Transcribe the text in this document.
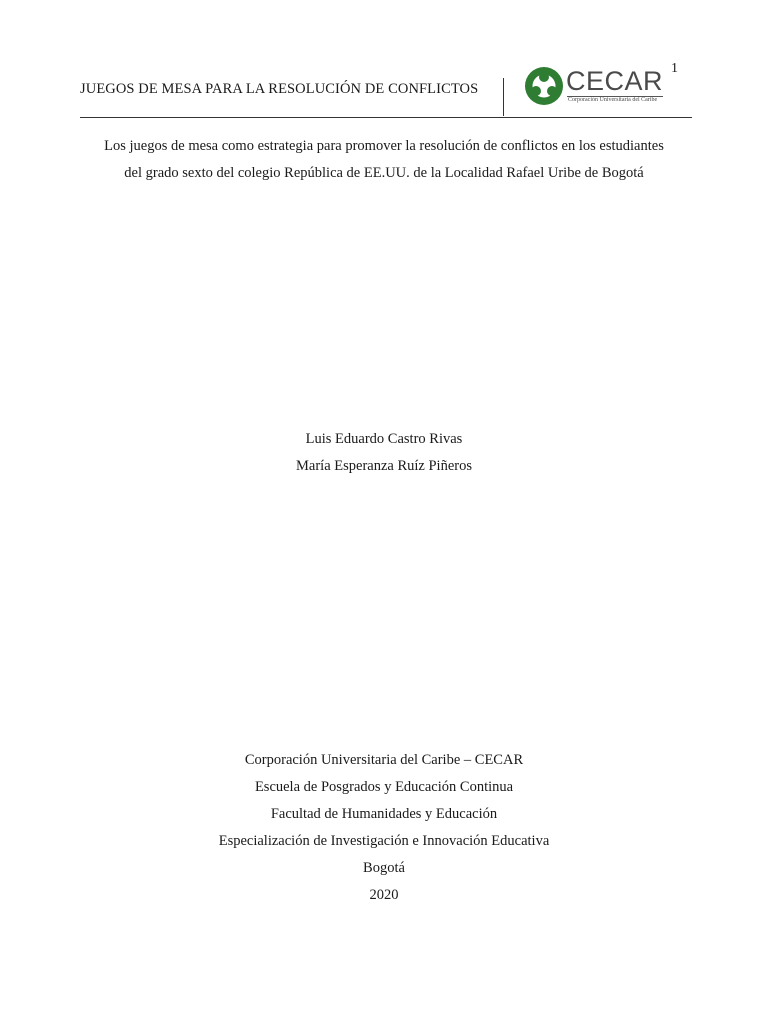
1
JUEGOS DE MESA PARA LA RESOLUCIÓN DE CONFLICTOS	CECAR
Corporación Universitaria del Caribe
Los juegos de mesa como estrategia para promover la resolución de conflictos en los estudiantes
del grado sexto del colegio República de EE.UU. de la Localidad Rafael Uribe de Bogotá
Luis Eduardo Castro Rivas
María Esperanza Ruíz Piñeros
Corporación Universitaria del Caribe – CECAR
Escuela de Posgrados y Educación Continua
Facultad de Humanidades y Educación
Especialización de Investigación e Innovación Educativa
Bogotá
2020
